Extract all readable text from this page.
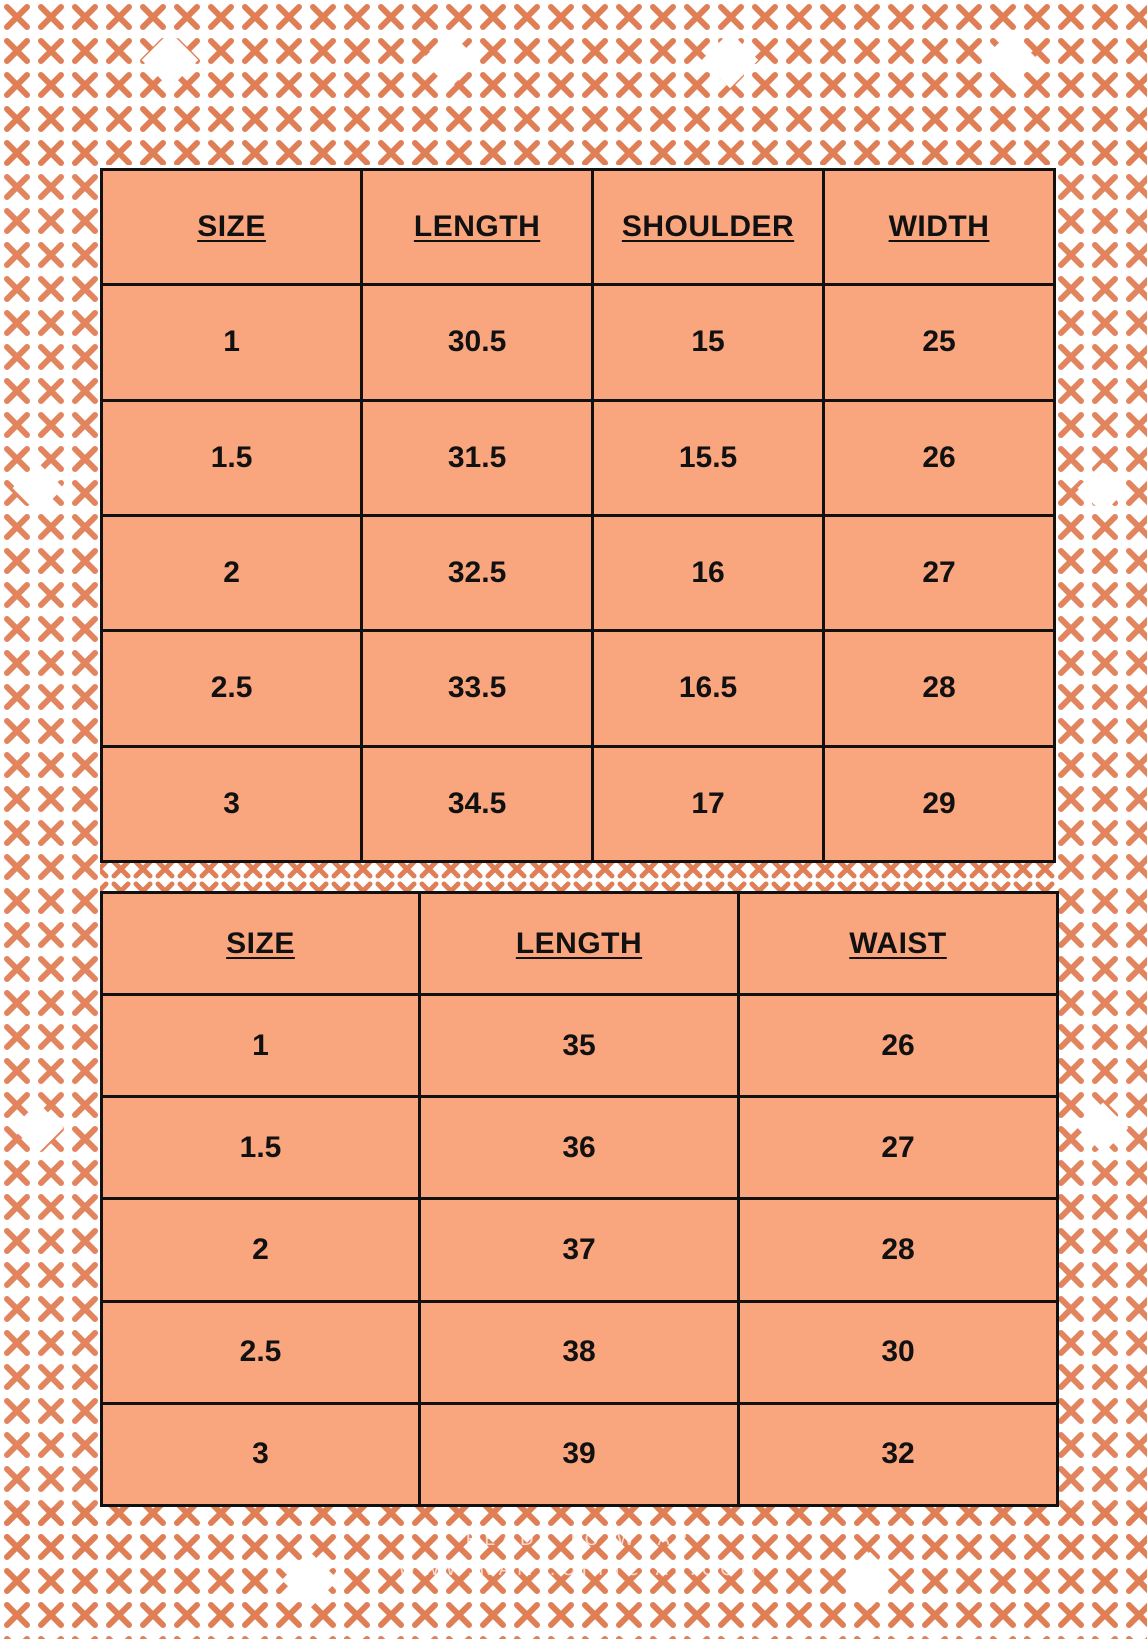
SIZE	LENGTH	SHOULDER	WIDTH
1	30.5	15	25
1.5	31.5	15.5	26
2	32.5	16	27
2.5	33.5	16.5	28
3	34.5	17	29
SIZE	LENGTH	WAIST
1	35	26
1.5	36	27
2	37	28
2.5	38	30
3	39	32
READY TO WEAR
WWW.NAMI.OFFICIAL.COM
